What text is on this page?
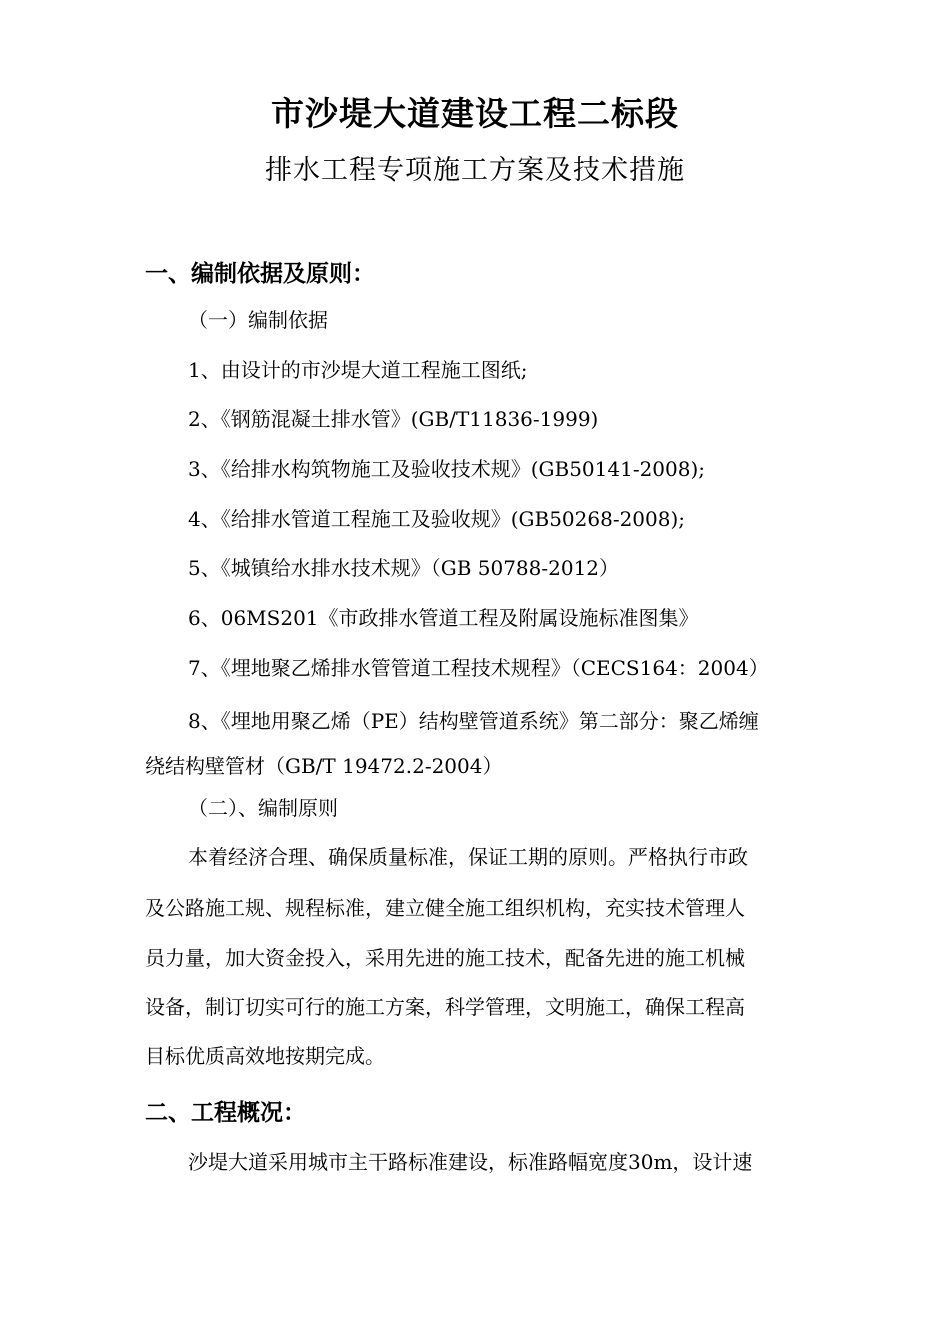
市沙堤大道建设工程二标段
排水工程专项施工方案及技术措施
一、编制依据及原则：
（一）编制依据
1、由设计的市沙堤大道工程施工图纸;
2、《钢筋混凝土排水管》(GB/T11836-1999)
3、《给排水构筑物施工及验收技术规》(GB50141-2008);
4、《给排水管道工程施工及验收规》(GB50268-2008);
5、《城镇给水排水技术规》（GB 50788-2012）
6、06MS201《市政排水管道工程及附属设施标准图集》
7、《埋地聚乙烯排水管管道工程技术规程》（CECS164：2004）
8、《埋地用聚乙烯（PE）结构壁管道系统》第二部分：聚乙烯缠
绕结构壁管材（GB/T 19472.2-2004）
（二）、编制原则
本着经济合理、确保质量标准，保证工期的原则。严格执行市政
及公路施工规、规程标准，建立健全施工组织机构，充实技术管理人
员力量，加大资金投入，采用先进的施工技术，配备先进的施工机械
设备，制订切实可行的施工方案，科学管理，文明施工，确保工程高
目标优质高效地按期完成。
二、工程概况：
沙堤大道采用城市主干路标准建设，标准路幅宽度30m，设计速
